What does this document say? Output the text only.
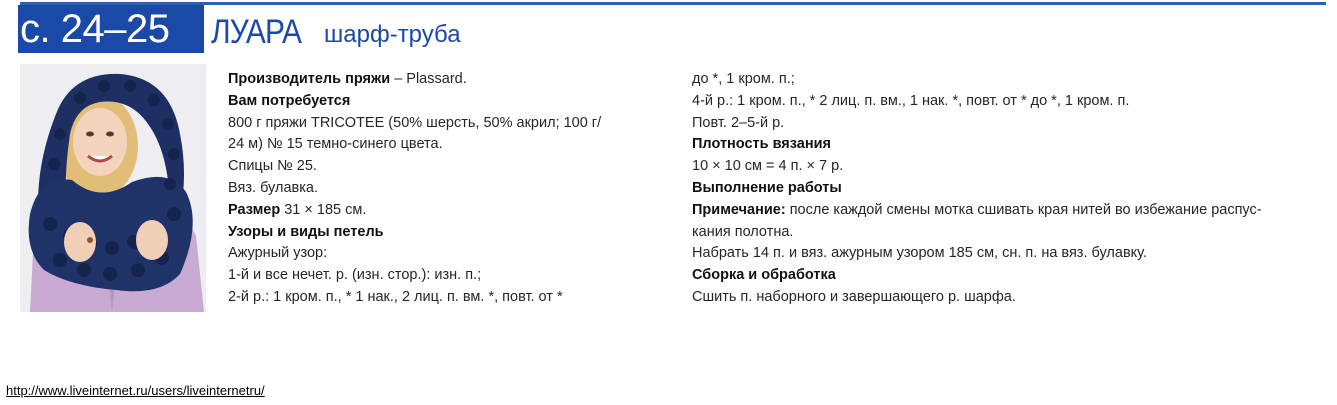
с. 24–25	ЛУАРА шарф-труба
Производитель пряжи – Plassard.
Вам потребуется
800 г пряжи TRICOTEE (50% шерсть, 50% акрил; 100 г/
24 м) № 15 темно-синего цвета.
Спицы № 25.
Вяз. булавка.
Размер 31 × 185 см.
Узоры и виды петель
Ажурный узор:
1-й и все нечет. р. (изн. стор.): изн. п.;
2-й р.: 1 кром. п., * 1 нак., 2 лиц. п. вм. *, повт. от *
до *, 1 кром. п.;
4-й р.: 1 кром. п., * 2 лиц. п. вм., 1 нак. *, повт. от * до *, 1 кром. п.
Повт. 2–5-й р.
Плотность вязания
10 × 10 см = 4 п. × 7 р.
Выполнение работы
Примечание: после каждой смены мотка сшивать края нитей во избежание распус-
кания полотна.
Набрать 14 п. и вяз. ажурным узором 185 см, сн. п. на вяз. булавку.
Сборка и обработка
Сшить п. наборного и завершающего р. шарфа.
http://www.liveinternet.ru/users/liveinternetru/
